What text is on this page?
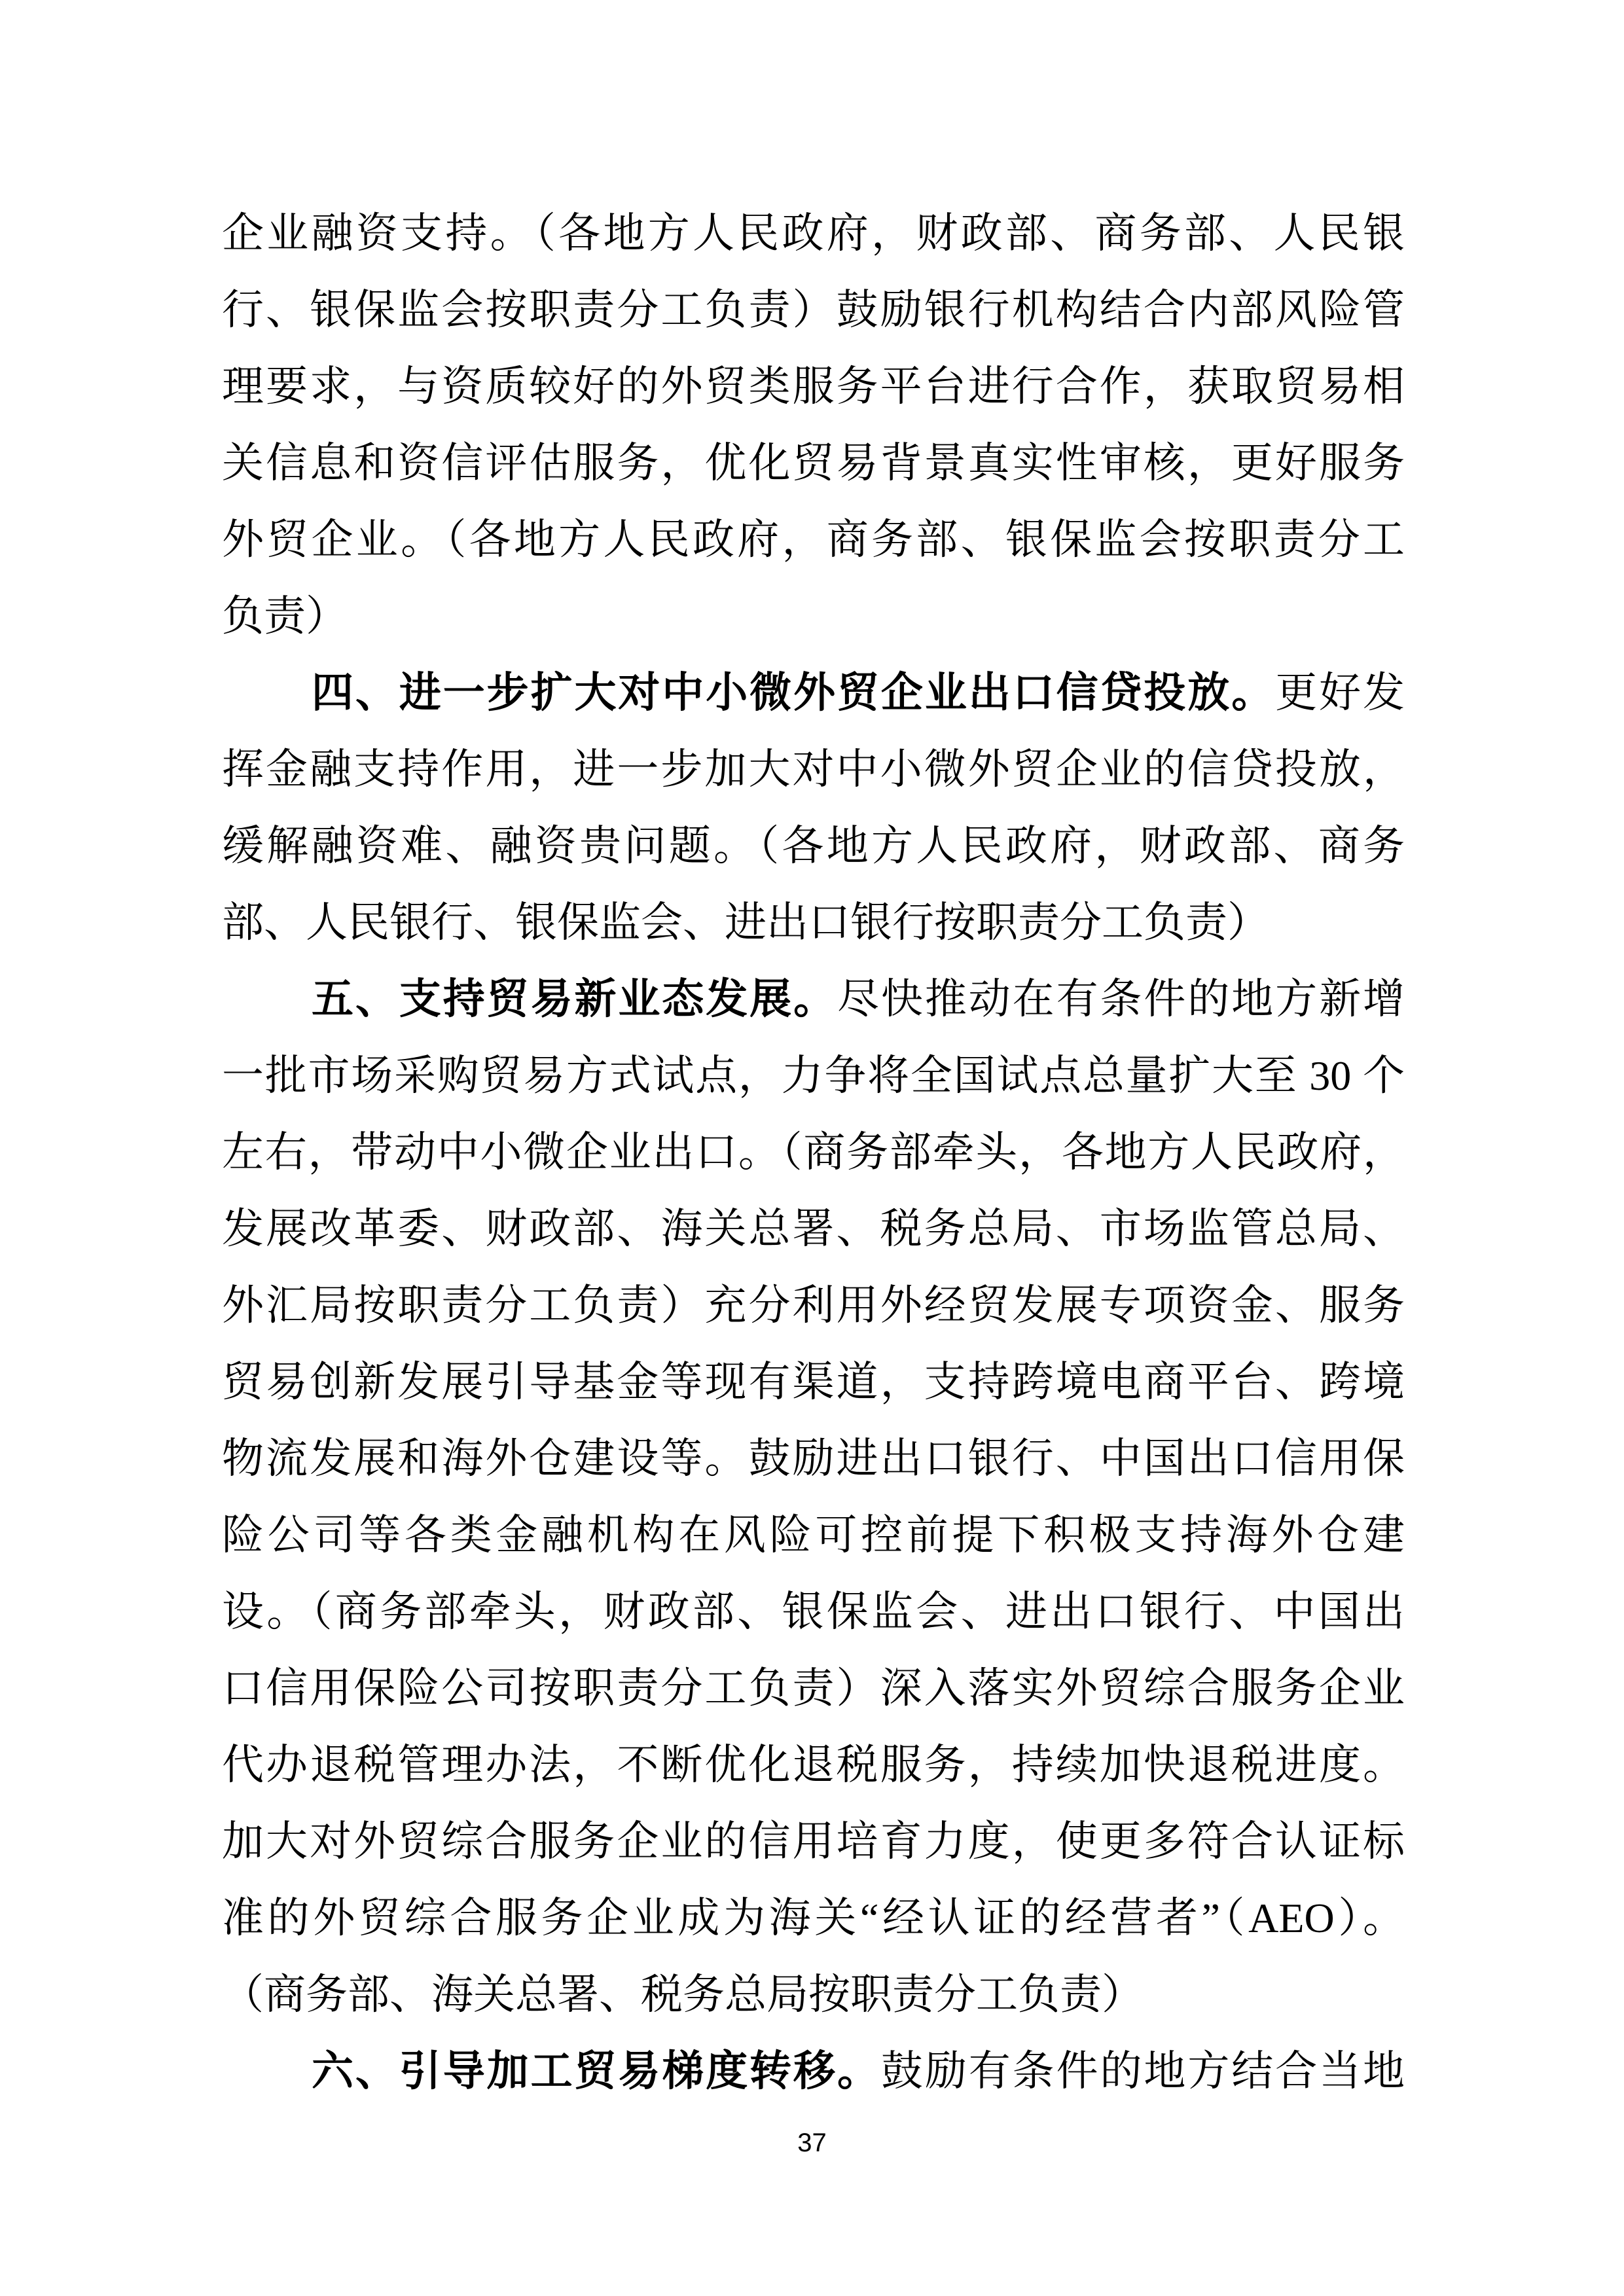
企业融资支持。（各地方人民政府，财政部、商务部、人民银
行、银保监会按职责分工负责）鼓励银行机构结合内部风险管
理要求，与资质较好的外贸类服务平台进行合作，获取贸易相
关信息和资信评估服务，优化贸易背景真实性审核，更好服务
外贸企业。（各地方人民政府，商务部、银保监会按职责分工
负责）
四、进一步扩大对中小微外贸企业出口信贷投放。更好发
挥金融支持作用，进一步加大对中小微外贸企业的信贷投放，
缓解融资难、融资贵问题。（各地方人民政府，财政部、商务
部、人民银行、银保监会、进出口银行按职责分工负责）
五、支持贸易新业态发展。尽快推动在有条件的地方新增
一批市场采购贸易方式试点，力争将全国试点总量扩大至 30 个
左右，带动中小微企业出口。（商务部牵头，各地方人民政府，
发展改革委、财政部、海关总署、税务总局、市场监管总局、
外汇局按职责分工负责）充分利用外经贸发展专项资金、服务
贸易创新发展引导基金等现有渠道，支持跨境电商平台、跨境
物流发展和海外仓建设等。鼓励进出口银行、中国出口信用保
险公司等各类金融机构在风险可控前提下积极支持海外仓建
设。（商务部牵头，财政部、银保监会、进出口银行、中国出
口信用保险公司按职责分工负责）深入落实外贸综合服务企业
代办退税管理办法，不断优化退税服务，持续加快退税进度。
加大对外贸综合服务企业的信用培育力度，使更多符合认证标
准的外贸综合服务企业成为海关“经认证的经营者”（AEO）。
（商务部、海关总署、税务总局按职责分工负责）
六、引导加工贸易梯度转移。鼓励有条件的地方结合当地
37
